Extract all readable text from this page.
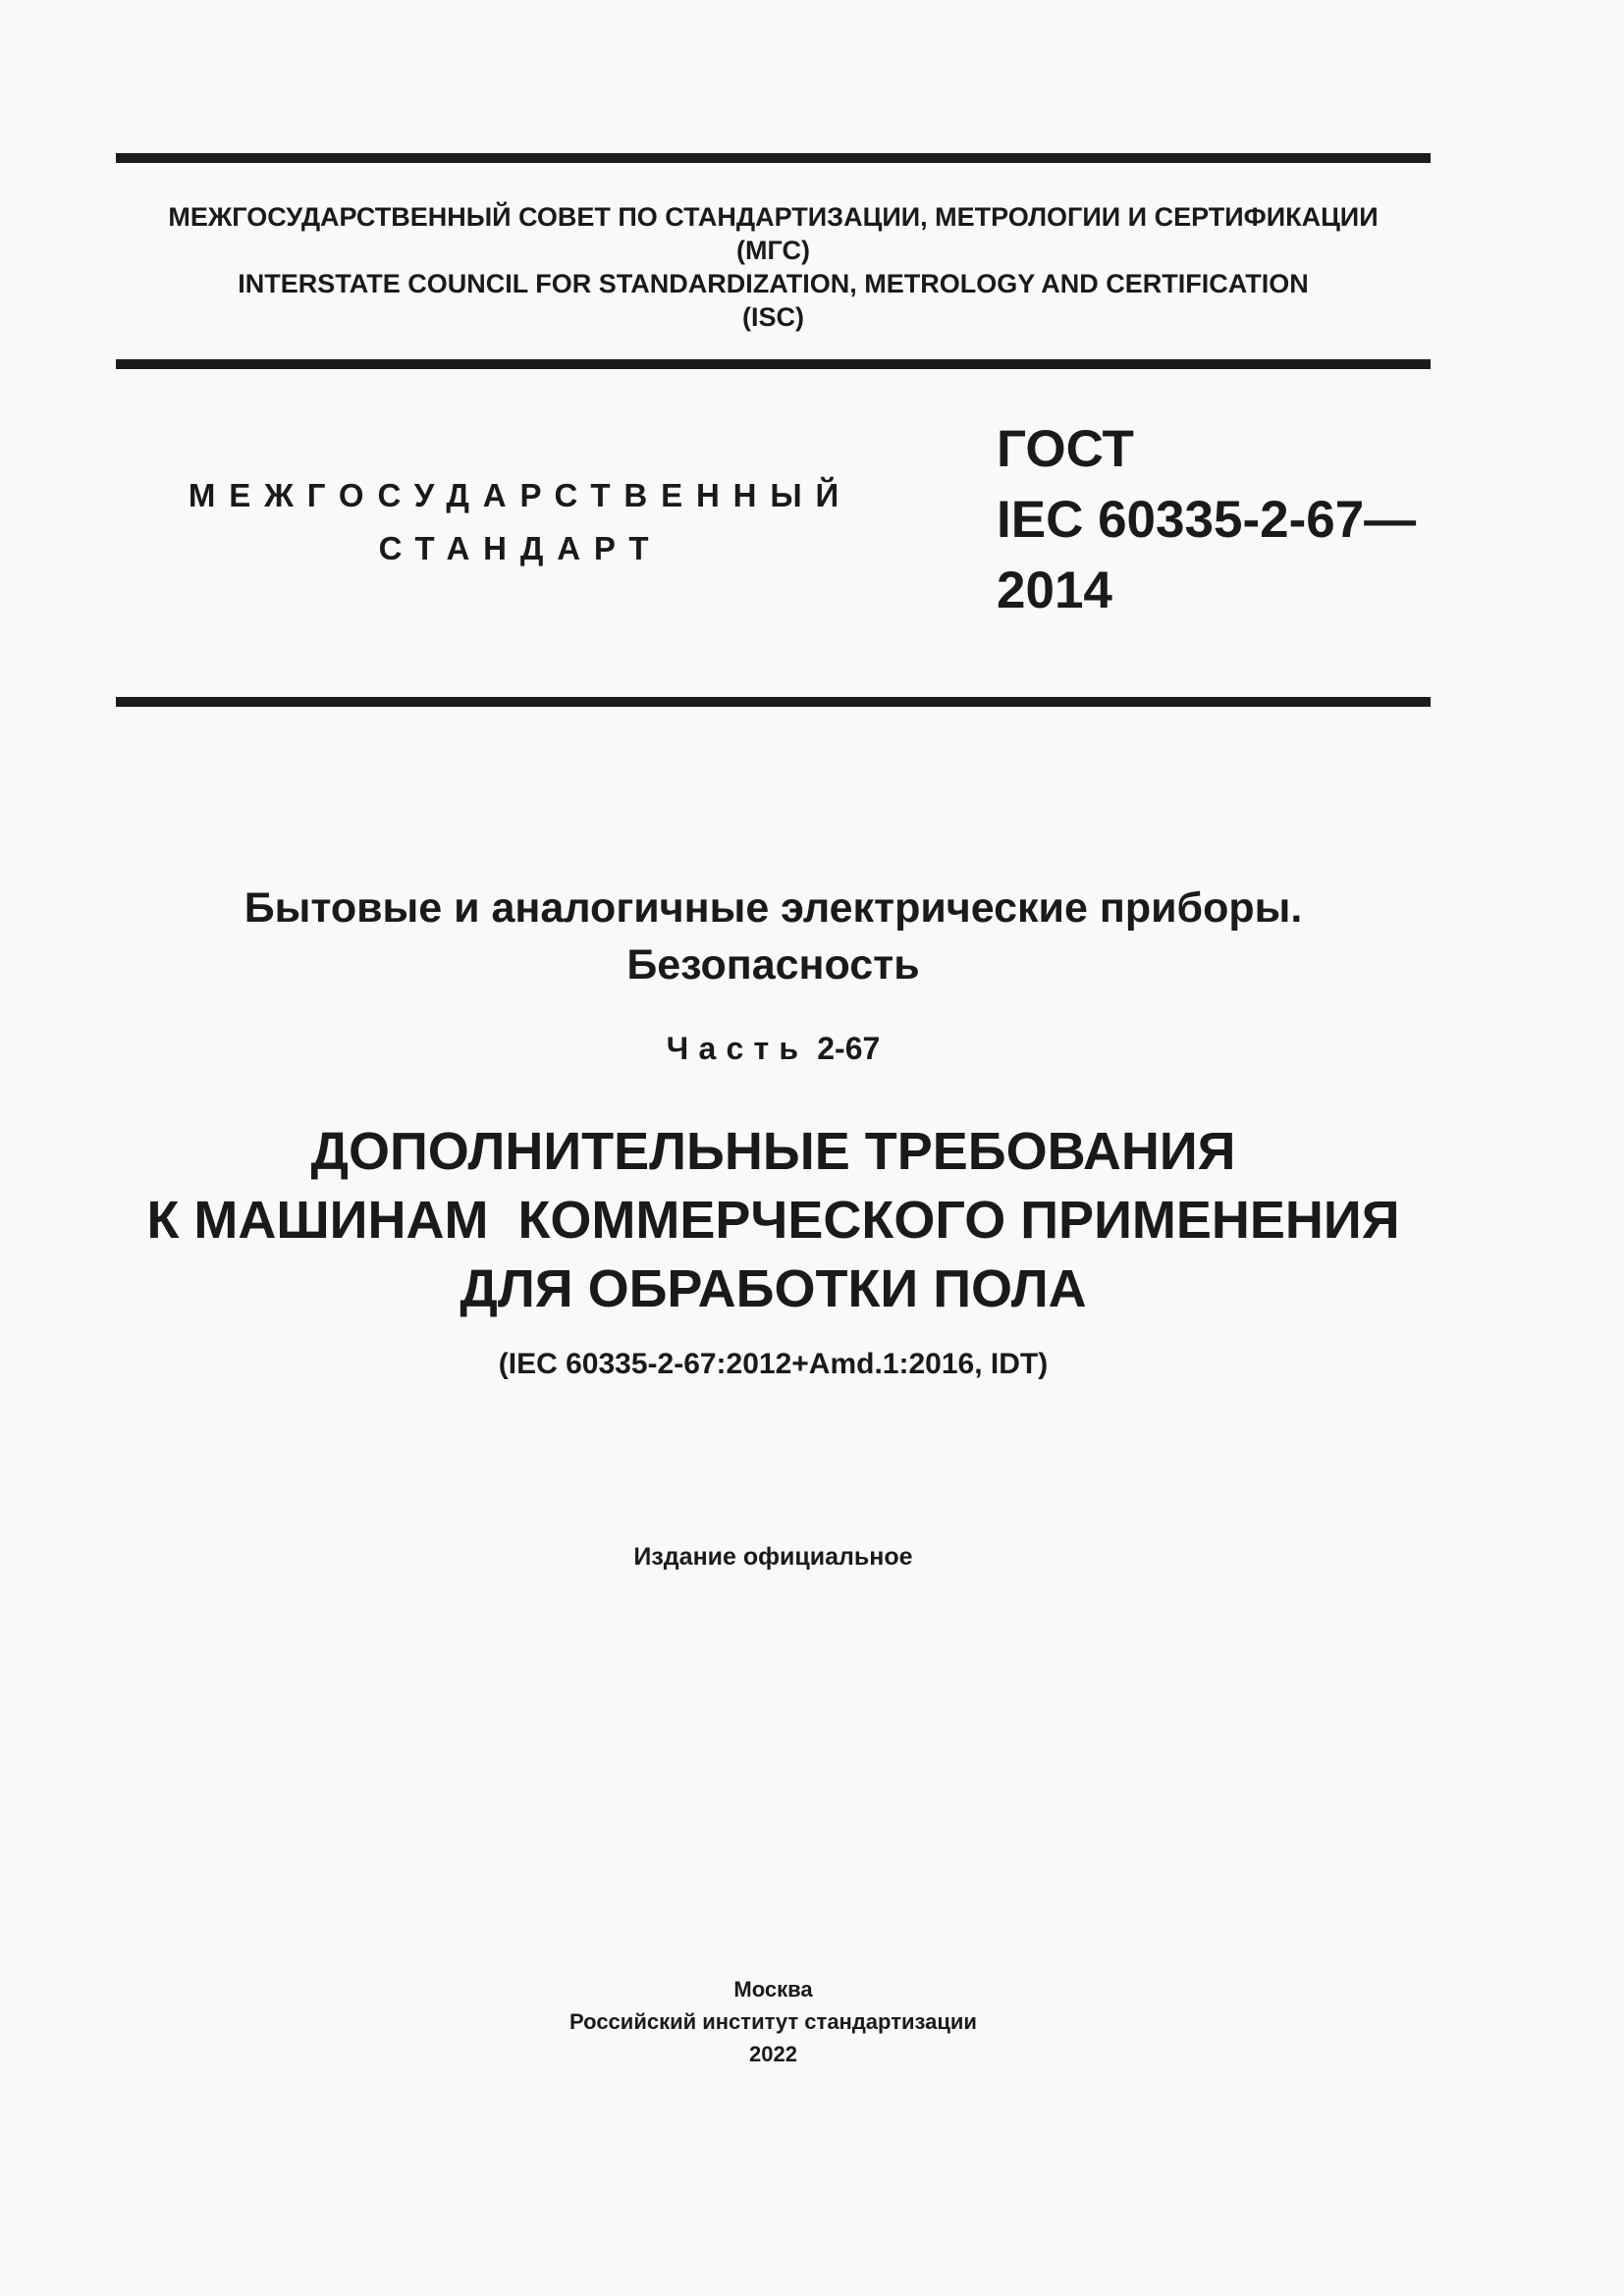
МЕЖГОСУДАРСТВЕННЫЙ СОВЕТ ПО СТАНДАРТИЗАЦИИ, МЕТРОЛОГИИ И СЕРТИФИКАЦИИ
(МГС)
INTERSTATE COUNCIL FOR STANDARDIZATION, METROLOGY AND CERTIFICATION
(ISC)
МЕЖГОСУДАРСТВЕННЫЙ
СТАНДАРТ
ГОСТ
IEC 60335-2-67—
2014
Бытовые и аналогичные электрические приборы.
Безопасность
Часть 2-67
ДОПОЛНИТЕЛЬНЫЕ ТРЕБОВАНИЯ
К МАШИНАМ  КОММЕРЧЕСКОГО ПРИМЕНЕНИЯ
ДЛЯ ОБРАБОТКИ ПОЛА
(IEC 60335-2-67:2012+Amd.1:2016, IDT)
Издание официальное
Москва
Российский институт стандартизации
2022
